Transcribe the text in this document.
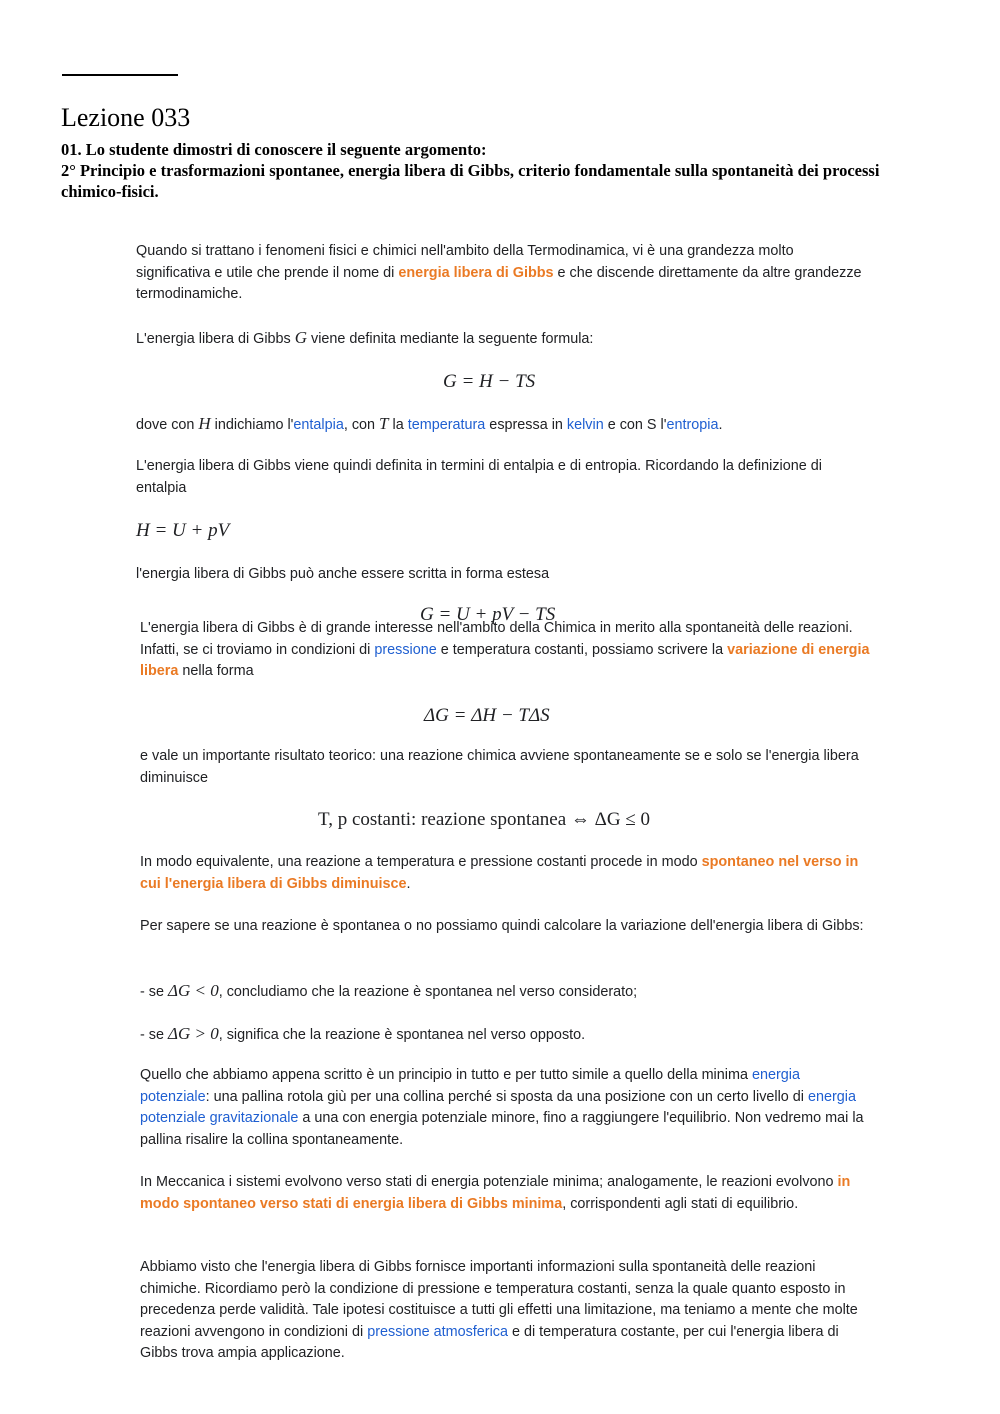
Lezione 033

01. Lo studente dimostri di conoscere il seguente argomento:

2° Principio e trasformazioni spontanee, energia libera di Gibbs, criterio fondamentale sulla spontaneità dei processi chimico-fisici.

Quando si trattano i fenomeni fisici e chimici nell'ambito della Termodinamica, vi è una grandezza molto significativa e utile che prende il nome di energia libera di Gibbs e che discende direttamente da altre grandezze termodinamiche.

L'energia libera di Gibbs G viene definita mediante la seguente formula:

G = H − TS

dove con H indichiamo l'entalpia, con T la temperatura espressa in kelvin e con S l'entropia.

L'energia libera di Gibbs viene quindi definita in termini di entalpia e di entropia. Ricordando la definizione di entalpia

H = U + pV

l'energia libera di Gibbs può anche essere scritta in forma estesa

G = U + pV − TS

L'energia libera di Gibbs è di grande interesse nell'ambito della Chimica in merito alla spontaneità delle reazioni. Infatti, se ci troviamo in condizioni di pressione e temperatura costanti, possiamo scrivere la variazione di energia libera nella forma

ΔG = ΔH − TΔS

e vale un importante risultato teorico: una reazione chimica avviene spontaneamente se e solo se l'energia libera diminuisce

T, p costanti: reazione spontanea ⇔ ΔG ≤ 0

In modo equivalente, una reazione a temperatura e pressione costanti procede in modo spontaneo nel verso in cui l'energia libera di Gibbs diminuisce.

Per sapere se una reazione è spontanea o no possiamo quindi calcolare la variazione dell'energia libera di Gibbs:

- se ΔG < 0, concludiamo che la reazione è spontanea nel verso considerato;

- se ΔG > 0, significa che la reazione è spontanea nel verso opposto.

Quello che abbiamo appena scritto è un principio in tutto e per tutto simile a quello della minima energia potenziale: una pallina rotola giù per una collina perché si sposta da una posizione con un certo livello di energia potenziale gravitazionale a una con energia potenziale minore, fino a raggiungere l'equilibrio. Non vedremo mai la pallina risalire la collina spontaneamente.

In Meccanica i sistemi evolvono verso stati di energia potenziale minima; analogamente, le reazioni evolvono in modo spontaneo verso stati di energia libera di Gibbs minima, corrispondenti agli stati di equilibrio.

Abbiamo visto che l'energia libera di Gibbs fornisce importanti informazioni sulla spontaneità delle reazioni chimiche. Ricordiamo però la condizione di pressione e temperatura costanti, senza la quale quanto esposto in precedenza perde validità. Tale ipotesi costituisce a tutti gli effetti una limitazione, ma teniamo a mente che molte reazioni avvengono in condizioni di pressione atmosferica e di temperatura costante, per cui l'energia libera di Gibbs trova ampia applicazione.
